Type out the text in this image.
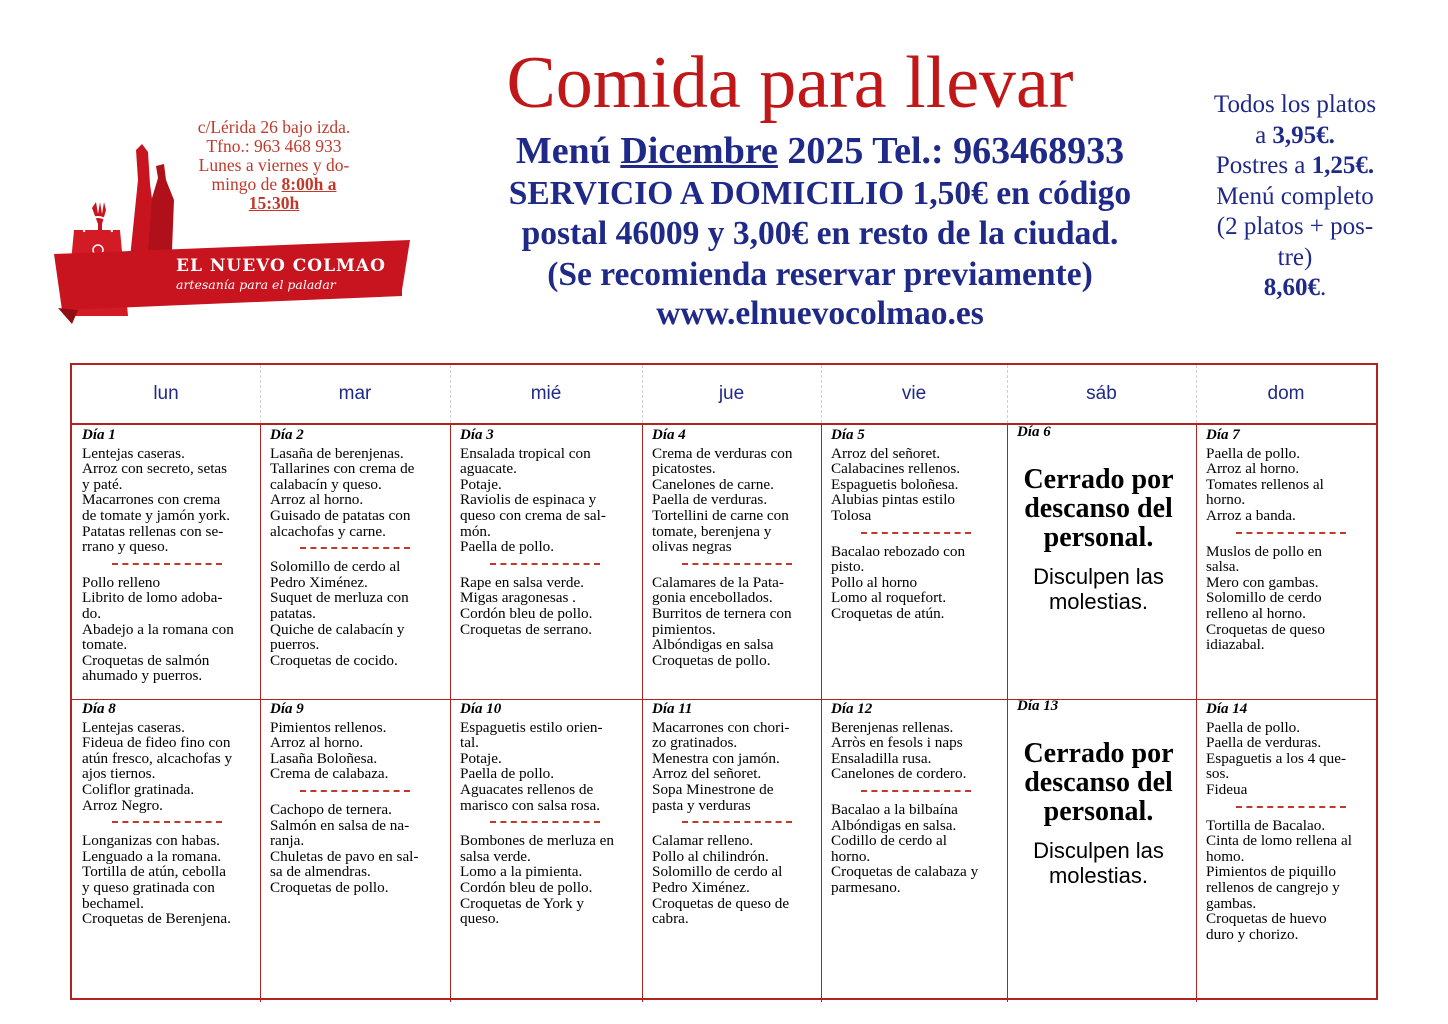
EL NUEVO COLMAO
artesanía para el paladar
c/Lérida 26 bajo izda.
Tfno.: 963 468 933
Lunes a viernes y do-
mingo de 8:00h a
15:30h
Comida para llevar
Menú Dicembre 2025 Tel.: 963468933
SERVICIO A DOMICILIO 1,50€ en código
postal 46009 y 3,00€ en resto de la ciudad.
(Se recomienda reservar previamente)
www.elnuevocolmao.es
Todos los platos
a 3,95€.
Postres a 1,25€.
Menú completo
(2 platos + pos-
tre)
8,60€.
lun	mar	mié	jue	vie	sáb	dom
Día 1
Lentejas caseras.
Arroz con secreto, setas
y paté.
Macarrones con crema
de tomate y jamón york.
Patatas rellenas con se-
rrano y queso.
Pollo relleno
Librito de lomo adoba-
do.
Abadejo a la romana con
tomate.
Croquetas de salmón
ahumado y puerros.
Día 2
Lasaña de berenjenas.
Tallarines con crema de
calabacín y queso.
Arroz al horno.
Guisado de patatas con
alcachofas y carne.
Solomillo de cerdo al
Pedro Ximénez.
Suquet de merluza con
patatas.
Quiche de calabacín y
puerros.
Croquetas de cocido.
Día 3
Ensalada tropical con
aguacate.
Potaje.
Raviolis de espinaca y
queso con crema de sal-
món.
Paella de pollo.
Rape en salsa verde.
Migas aragonesas .
Cordón bleu de pollo.
Croquetas de serrano.
Día 4
Crema de verduras con
picatostes.
Canelones de carne.
Paella de verduras.
Tortellini de carne con
tomate, berenjena y
olivas negras
Calamares de la Pata-
gonia encebollados.
Burritos de ternera con
pimientos.
Albóndigas en salsa
Croquetas de pollo.
Día 5
Arroz del señoret.
Calabacines rellenos.
Espaguetis boloñesa.
Alubias pintas estilo
Tolosa
Bacalao rebozado con
pisto.
Pollo al horno
Lomo al roquefort.
Croquetas de atún.
Día 6
Cerrado por descanso del personal.
Disculpen las molestias.
Día 7
Paella de pollo.
Arroz al horno.
Tomates rellenos al
horno.
Arroz a banda.
Muslos de pollo en
salsa.
Mero con gambas.
Solomillo de cerdo
relleno al horno.
Croquetas de queso
idiazabal.
Día 8
Lentejas caseras.
Fideua de fideo fino con
atún fresco, alcachofas y
ajos tiernos.
Coliflor gratinada.
Arroz Negro.
Longanizas con habas.
Lenguado a la romana.
Tortilla de atún, cebolla
y queso gratinada con
bechamel.
Croquetas de Berenjena.
Día 9
Pimientos rellenos.
Arroz al horno.
Lasaña Boloñesa.
Crema de calabaza.
Cachopo de ternera.
Salmón en salsa de na-
ranja.
Chuletas de pavo en sal-
sa de almendras.
Croquetas de pollo.
Día 10
Espaguetis estilo orien-
tal.
Potaje.
Paella de pollo.
Aguacates rellenos de
marisco con salsa rosa.
Bombones de merluza en
salsa verde.
Lomo a la pimienta.
Cordón bleu de pollo.
Croquetas de York y
queso.
Día 11
Macarrones con chori-
zo gratinados.
Menestra con jamón.
Arroz del señoret.
Sopa Minestrone de
pasta y verduras
Calamar relleno.
Pollo al chilindrón.
Solomillo de cerdo al
Pedro Ximénez.
Croquetas de queso de
cabra.
Día 12
Berenjenas rellenas.
Arròs en fesols i naps
Ensaladilla rusa.
Canelones de cordero.
Bacalao a la bilbaína
Albóndigas en salsa.
Codillo de cerdo al
horno.
Croquetas de calabaza y
parmesano.
Día 13
Cerrado por descanso del personal.
Disculpen las molestias.
Día 14
Paella de pollo.
Paella de verduras.
Espaguetis a los 4 que-
sos.
Fideua
Tortilla de Bacalao.
Cinta de lomo rellena al
homo.
Pimientos de piquillo
rellenos de cangrejo y
gambas.
Croquetas de huevo
duro y chorizo.
